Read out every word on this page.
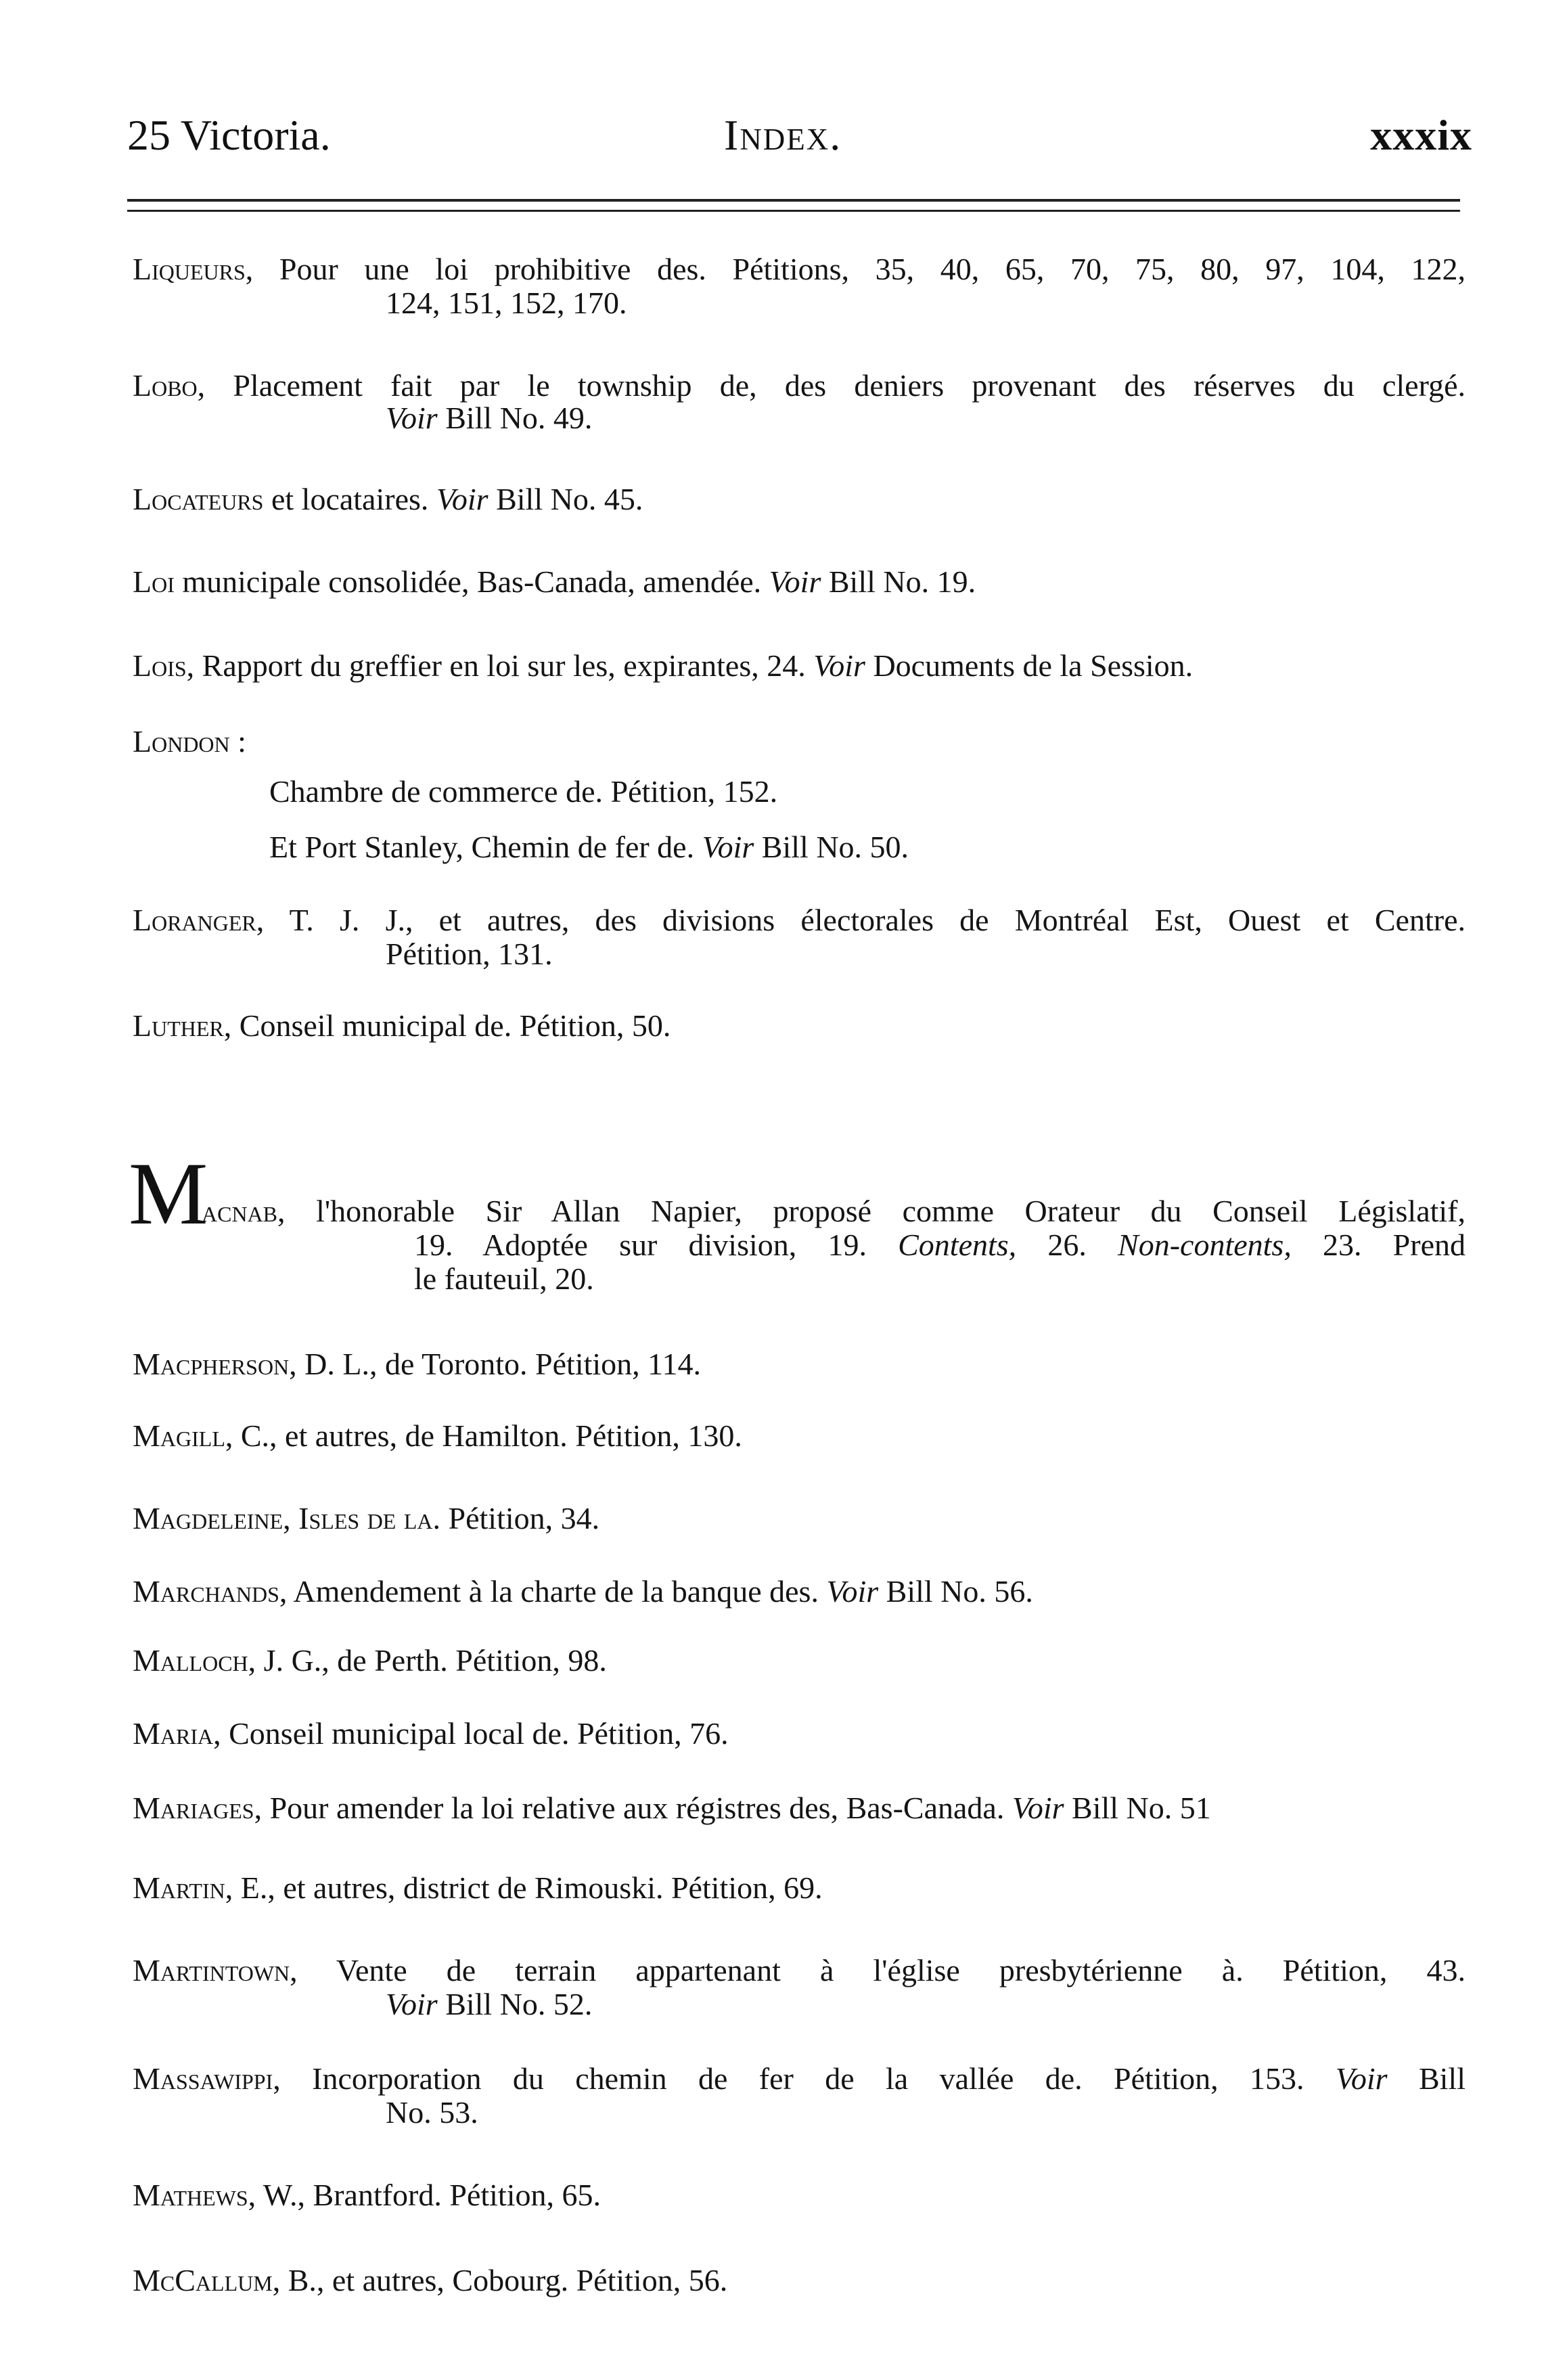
25 Victoria.	Index.	xxxix
Liqueurs, Pour une loi prohibitive des. Pétitions, 35, 40, 65, 70, 75, 80, 97, 104, 122,
124, 151, 152, 170.
Lobo, Placement fait par le township de, des deniers provenant des réserves du clergé.
Voir Bill No. 49.
Locateurs et locataires. Voir Bill No. 45.
Loi municipale consolidée, Bas-Canada, amendée. Voir Bill No. 19.
Lois, Rapport du greffier en loi sur les, expirantes, 24. Voir Documents de la Session.
London :
Chambre de commerce de. Pétition, 152.
Et Port Stanley, Chemin de fer de. Voir Bill No. 50.
Loranger, T. J. J., et autres, des divisions électorales de Montréal Est, Ouest et Centre.
Pétition, 131.
Luther, Conseil municipal de. Pétition, 50.
M
acnab, l'honorable Sir Allan Napier, proposé comme Orateur du Conseil Législatif,
19. Adoptée sur division, 19. Contents, 26. Non-contents, 23. Prend
le fauteuil, 20.
Macpherson, D. L., de Toronto. Pétition, 114.
Magill, C., et autres, de Hamilton. Pétition, 130.
Magdeleine, Isles de la. Pétition, 34.
Marchands, Amendement à la charte de la banque des. Voir Bill No. 56.
Malloch, J. G., de Perth. Pétition, 98.
Maria, Conseil municipal local de. Pétition, 76.
Mariages, Pour amender la loi relative aux régistres des, Bas-Canada. Voir Bill No. 51
Martin, E., et autres, district de Rimouski. Pétition, 69.
Martintown, Vente de terrain appartenant à l'église presbytérienne à. Pétition, 43.
Voir Bill No. 52.
Massawippi, Incorporation du chemin de fer de la vallée de. Pétition, 153. Voir Bill
No. 53.
Mathews, W., Brantford. Pétition, 65.
McCallum, B., et autres, Cobourg. Pétition, 56.
